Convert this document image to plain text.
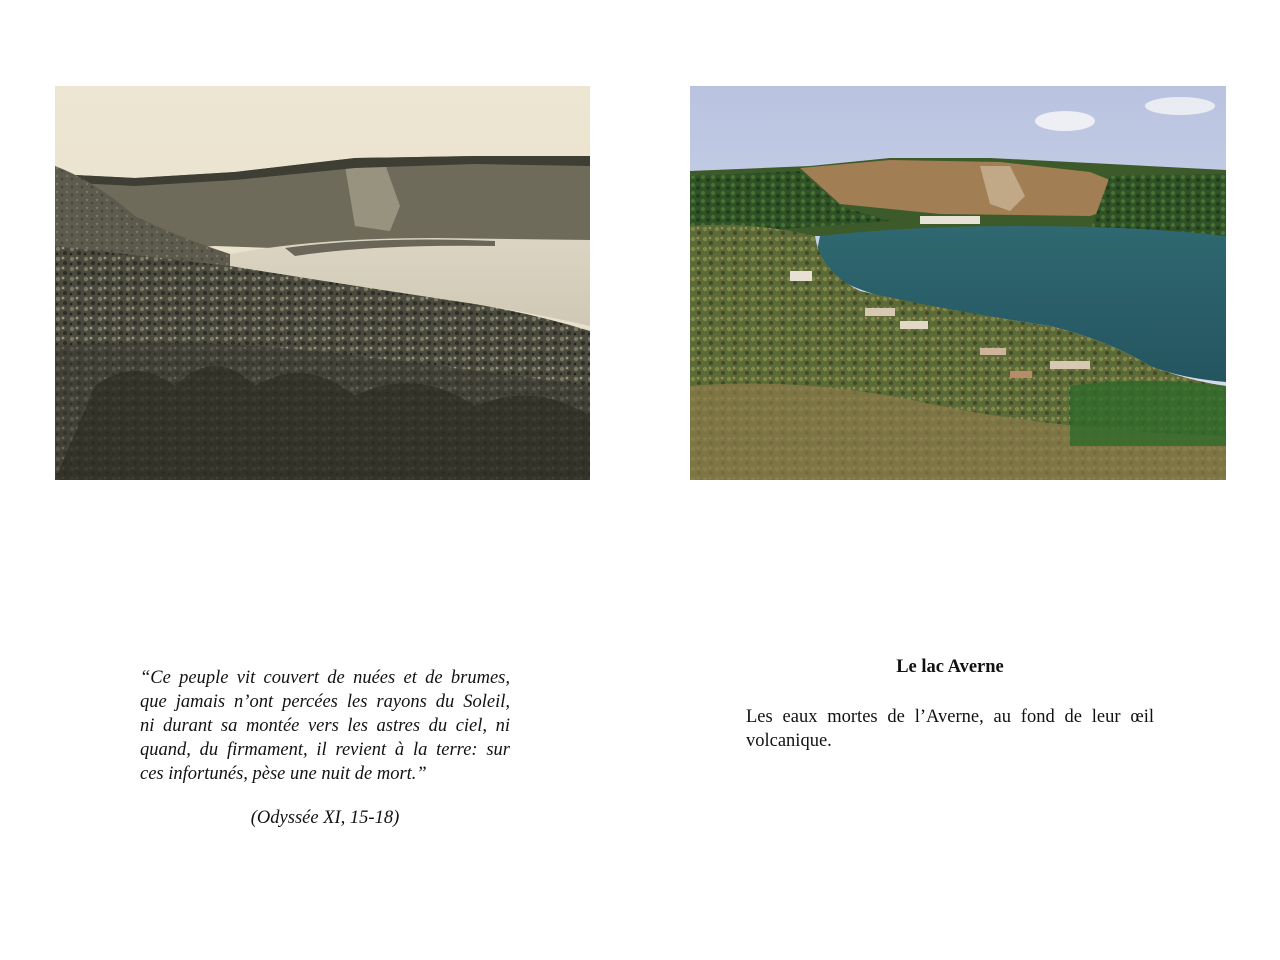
“Ce peuple vit couvert de nuées et de brumes,
que jamais n’ont percées les rayons du Soleil,
ni durant sa montée vers les astres du ciel, ni
quand, du firmament, il revient à la terre: sur
ces infortunés, pèse une nuit de mort.”
(Odyssée XI, 15-18)
Le lac Averne
Les eaux mortes de l’Averne, au fond de leur œil
volcanique.
